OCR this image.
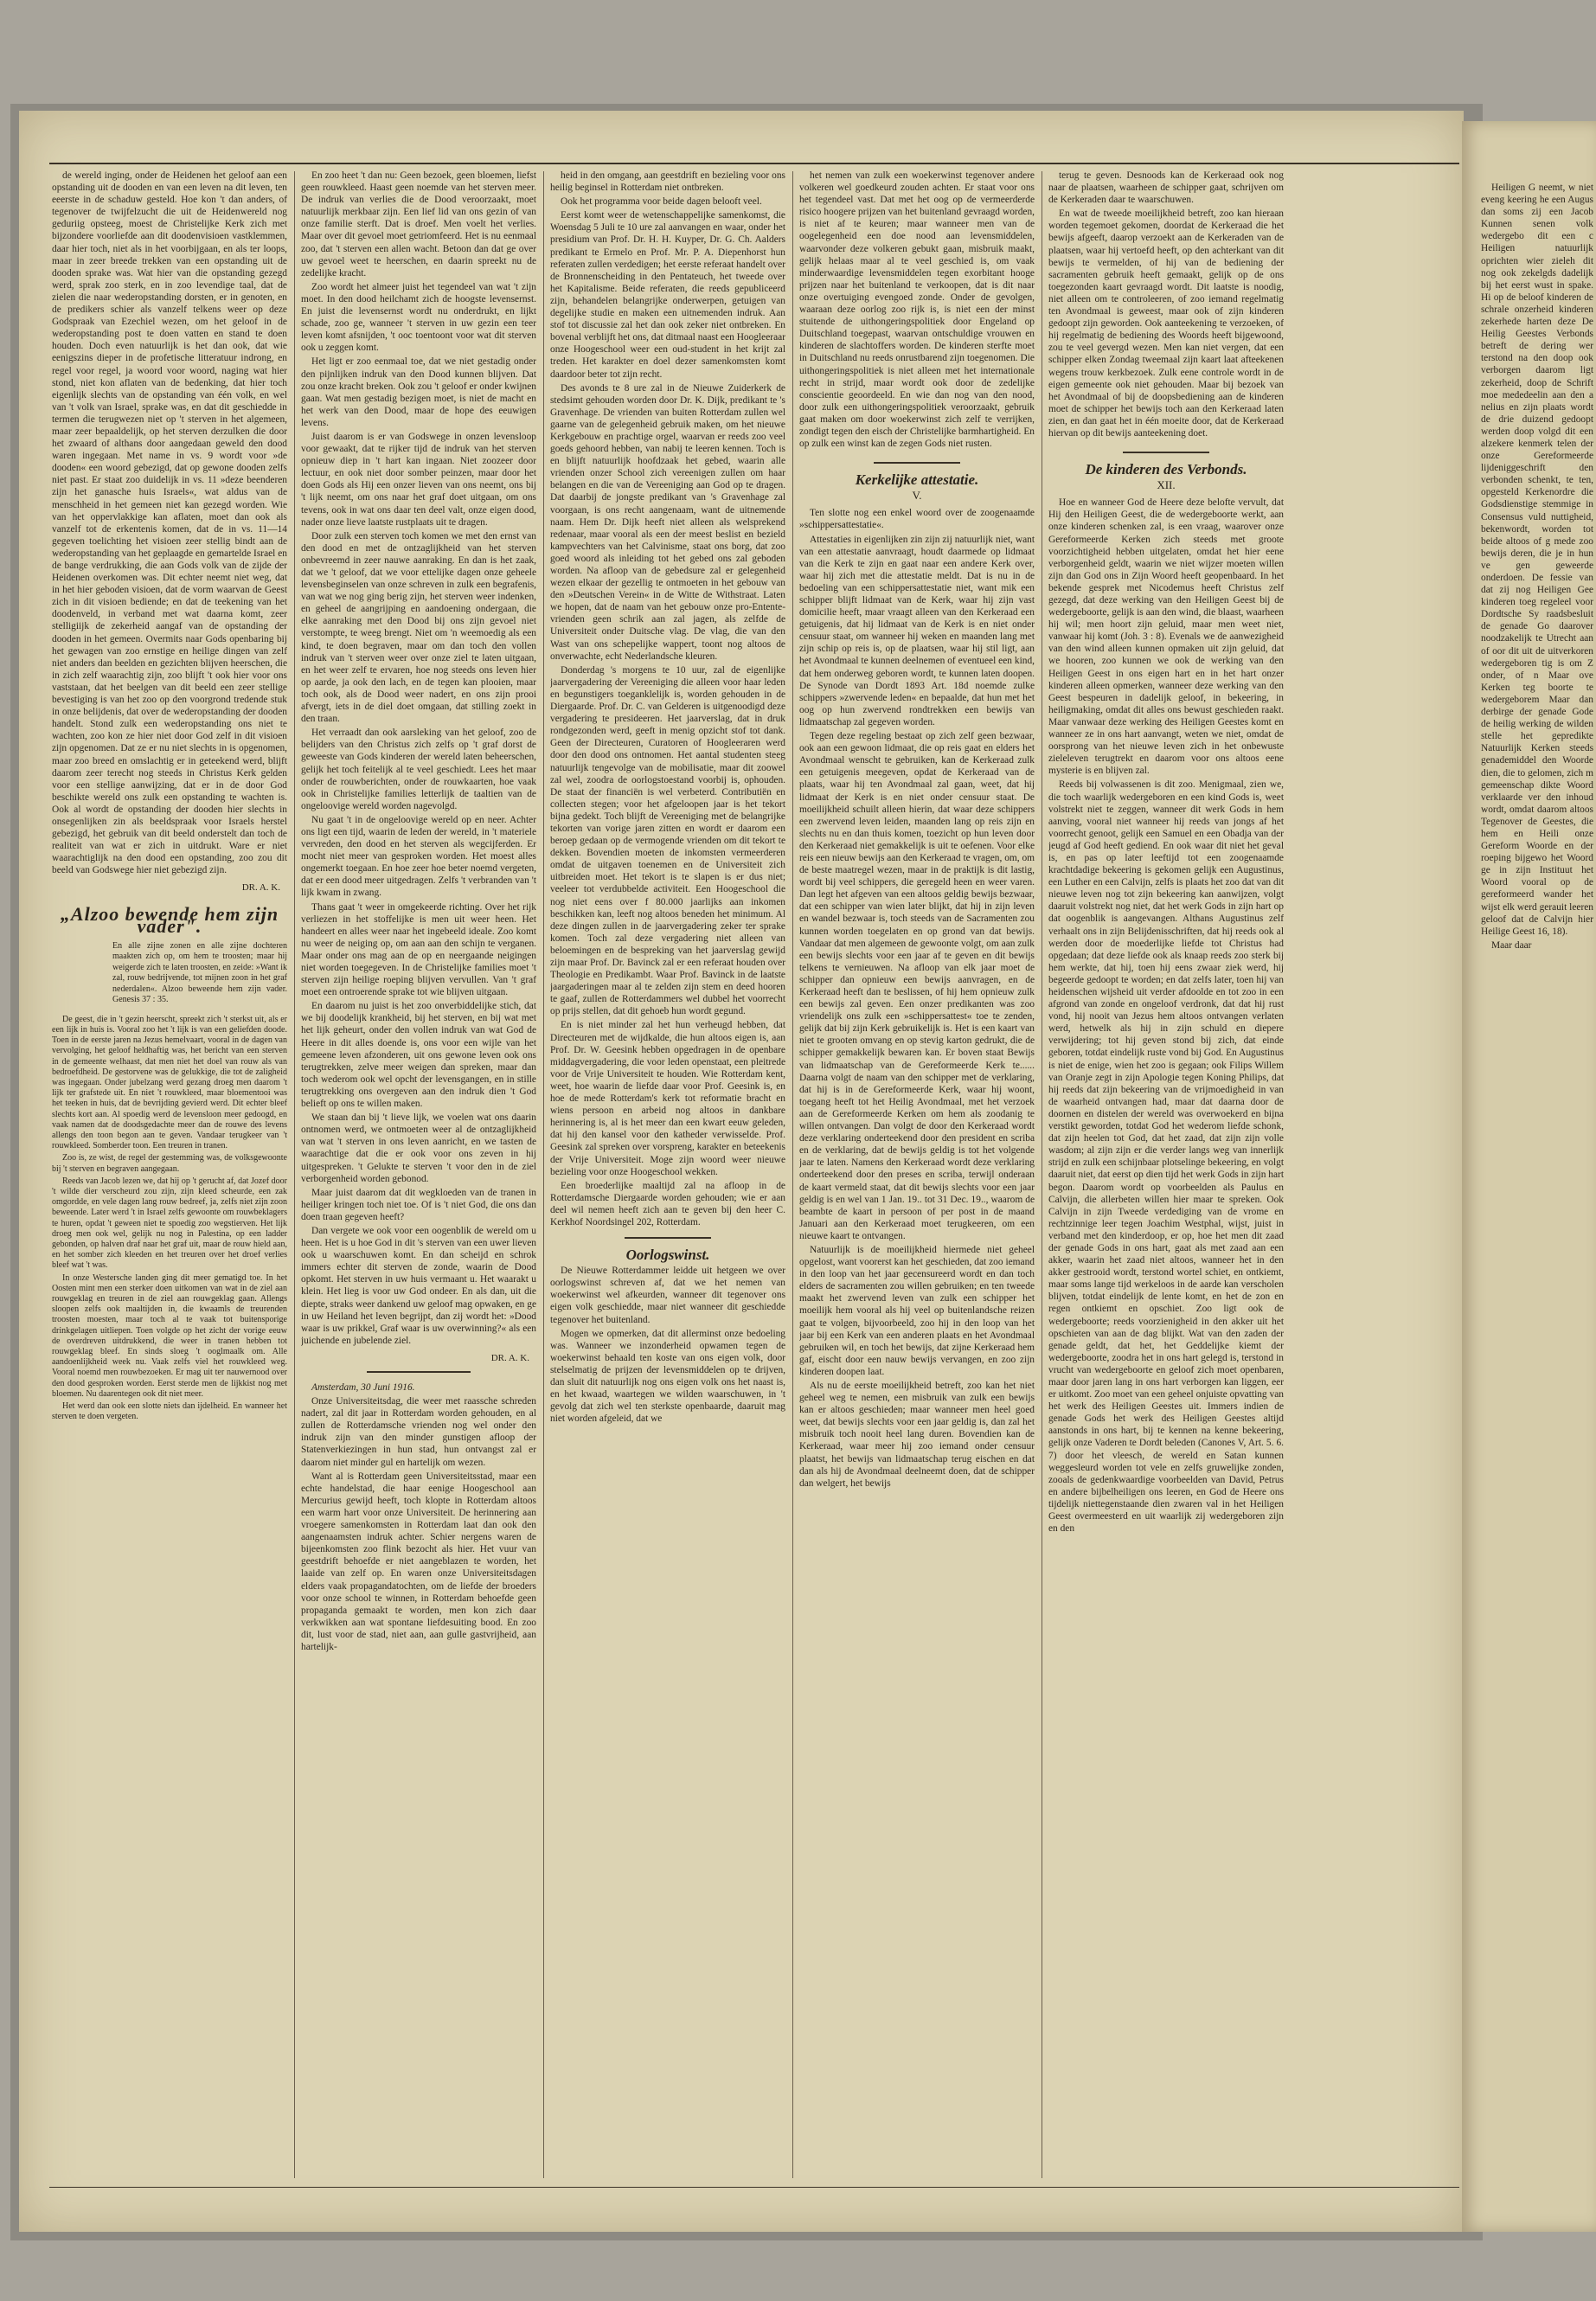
de wereld inging, onder de Heidenen het geloof aan een opstanding uit de dooden en van een leven na dit leven, ten eeerste in de schaduw gesteld. Hoe kon 't dan anders, of tegenover de twijfelzucht die uit de Heidenwereld nog geduriig opsteeg, moest de Christelijke Kerk zich met bijzondere voorliefde aan dit doodenvisioen vastklemmen, daar hier toch, niet als in het voorbijgaan, en als ter loops, maar in zeer breede trekken van een opstanding uit de dooden sprake was. Wat hier van die opstanding gezegd werd, sprak zoo sterk, en in zoo levendige taal, dat de zielen die naar wederopstanding dorsten, er in genoten, en de predikers schier als vanzelf telkens weer op deze Godspraak van Ezechiel wezen, om het geloof in de wederopstanding post te doen vatten en stand te doen houden. Doch even natuurlijk is het dan ook, dat wie eenigszins dieper in de profetische litteratuur indrong, en regel voor regel, ja woord voor woord, naging wat hier stond, niet kon aflaten van de bedenking, dat hier toch eigenlijk slechts van de opstanding van één volk, en wel van 't volk van Israel, sprake was, en dat dit geschiedde in termen die terugwezen niet op 't sterven in het algemeen, maar zeer bepaaldelijk, op het sterven derzulken die door het zwaard of althans door aangedaan geweld den dood waren ingegaan. Met name in vs. 9 wordt voor »de dooden« een woord gebezigd, dat op gewone dooden zelfs niet past. Er staat zoo duidelijk in vs. 11 »deze beenderen zijn het ganasche huis Israels«, wat aldus van de menschheid in het gemeen niet kan gezegd worden. Wie van het oppervlakkige kan aflaten, moet dan ook als vanzelf tot de erkentenis komen, dat de in vs. 11—14 gegeven toelichting het visioen zeer stellig bindt aan de wederopstanding van het geplaagde en gemartelde Israel en de bange verdrukking, die aan Gods volk van de zijde der Heidenen overkomen was. Dit echter neemt niet weg, dat in het hier geboden visioen, dat de vorm waarvan de Geest zich in dit visioen bediende; en dat de teekening van het doodenveld, in verband met wat daarna komt, zeer stelligiijk de zekerheid aangaf van de opstanding der dooden in het gemeen. Overmits naar Gods openbaring bij het gewagen van zoo ernstige en heilige dingen van zelf niet anders dan beelden en gezichten blijven heerschen, die in zich zelf waarachtig zijn, zoo blijft 't ook hier voor ons vaststaan, dat het beelgen van dit beeld een zeer stellige bevestiging is van het zoo op den voorgrond tredende stuk in onze belijdenis, dat over de wederopstanding der dooden handelt. Stond zulk een wederopstanding ons niet te wachten, zoo kon ze hier niet door God zelf in dit visioen zijn opgenomen. Dat ze er nu niet slechts in is opgenomen, maar zoo breed en omslachtig er in geteekend werd, blijft daarom zeer terecht nog steeds in Christus Kerk gelden voor een stellige aanwijzing, dat er in de door God beschikte wereld ons zulk een opstanding te wachten is. Ook al wordt de opstanding der dooden hier slechts in onsegenlijken zin als beeldspraak voor Israels herstel gebezigd, het gebruik van dit beeld onderstelt dan toch de realiteit van wat er zich in uitdrukt. Ware er niet waarachtiglijk na den dood een opstanding, zoo zou dit beeld van Godswege hier niet gebezigd zijn.

DR. A. K.
„Alzoo bewende hem zijn vader".
En alle zijne zonen en alle zijne dochteren maakten zich op, om hem te troosten; maar hij weigerde zich te laten troosten, en zeide: »Want ik zal, rouw bedrijvende, tot mijnen zoon in het graf nederdalen«. Alzoo beweende hem zijn vader. Genesis 37 : 35.

De geest, die in 't gezin heerscht, spreekt zich 't sterkst uit, als er een lijk in huis is. Vooral zoo het 't lijk is van een geliefden doode. Toen in de eerste jaren na Jezus hemelvaart, vooral in de dagen van vervolging, het geloof heldhaftig was, het bericht van een sterven in de gemeente welhaast, dat men niet het doel van rouw als van bedroefdheid. De gestorvene was de gelukkige, die tot de zaligheid was ingegaan. Onder jubelzang werd gezang droeg men daarom 't lijk ter grafstede uit. En niet 't rouwkleed, maar bloementooi was het teeken in huis, dat de bevrijding gevierd werd. Dit echter bleef slechts kort aan. Al spoedig werd de levensloon meer gedoogd, en vaak namen dat de doodsgedachte meer dan de rouwe des levens allengs den toon begon aan te geven. Vandaar terugkeer van 't rouwkleed. Somberder toon. Een treuren in tranen.

Zoo is, ze wist, de regel der gestemming was, de volksgewoonte bij 't sterven en begraven aangegaan.

Reeds van Jacob lezen we, dat hij op 't gerucht af, dat Jozef door 't wilde dier verscheurd zou zijn, zijn kleed scheurde, een zak omgordde, en vele dagen lang rouw bedreef, ja, zelfs niet zijn zoon beweende. Later werd 't in Israel zelfs gewoonte om rouwbeklagers te huren, opdat 't geween niet te spoedig zoo wegstierven. Het lijk droeg men ook wel, gelijk nu nog in Palestina, op een ladder gebonden, op halven draf naar het graf uit, maar de rouw hield aan, en het somber zich kleeden en het treuren over het droef verlies bleef wat 't was.

In onze Westersche landen ging dit meer gematigd toe. In het Oosten mint men een sterker doen uitkomen van wat in de ziel aan rouwgeklag en treuren in de ziel aan rouwgeklag gaan. Allengs sloopen zelfs ook maaltijden in, die kwaamls de treurenden troosten moesten, maar toch al te vaak tot buitensporige drinkgelagen uitliepen. Toen volgde op het zicht der vorige eeuw de overdreven uitdrukkend, die weer in tranen hebben tot rouwgeklag bleef. En sinds sloeg 't ooglmaalk om. Alle aandoenlijkheid week nu. Vaak zelfs viel het rouwkleed weg. Vooral noemd men rouwbezoeken. Er mag uit ter nauwernood over den dood gesproken worden. Eerst sterde men de lijkkist nog met bloemen. Nu daarentegen ook dit niet meer.

Het werd dan ook een slotte niets dan ijdelheid. En wanneer het sterven te doen vergeten.

En zoo heet 't dan nu: Geen bezoek, geen bloemen, liefst geen rouwkleed. Haast geen noemde van het sterven meer. De indruk van verlies die de Dood veroorzaakt, moet natuurlijk merkbaar zijn. Een lief lid van ons gezin of van onze familie sterft. Dat is droef. Men voelt het verlies. Maar over dit gevoel moet getriomfeerd. Het is nu eenmaal zoo, dat 't sterven een allen wacht. Betoon dan dat ge over uw gevoel weet te heerschen, en daarin spreekt nu de zedelijke kracht.

Zoo wordt het almeer juist het tegendeel van wat 't zijn moet. In den dood heilchamt zich de hoogste levensernst. En juist die levensernst wordt nu onderdrukt, en lijkt schade, zoo ge, wanneer 't sterven in uw gezin een teer leven komt afsnijden, 't ooc toentoont voor wat dit sterven ook u zeggen komt.

Het ligt er zoo eenmaal toe, dat we niet gestadig onder den pijnlijken indruk van den Dood kunnen blijven. Dat zou onze kracht breken. Ook zou 't geloof er onder kwijnen gaan. Wat men gestadig bezigen moet, is niet de macht en het werk van den Dood, maar de hope des eeuwigen levens.

Juist daarom is er van Godswege in onzen levensloop voor gewaakt, dat te rijker tijd de indruk van het sterven opnieuw diep in 't hart kan ingaan. Niet zoozeer door lectuur, en ook niet door somber peinzen, maar door het doen Gods als Hij een onzer lieven van ons neemt, ons bij 't lijk neemt, om ons naar het graf doet uitgaan, om ons tevens, ook in wat ons daar ten deel valt, onze eigen dood, nader onze lieve laatste rustplaats uit te dragen.

Door zulk een sterven toch komen we met den ernst van den dood en met de ontzaglijkheid van het sterven onbevreemd in zeer nauwe aanraking. En dan is het zaak, dat we 't geloof, dat we voor ettelijke dagen onze geheele levensbeginselen van onze schreven in zulk een begrafenis, van wat we nog ging berig zijn, het sterven weer indenken, en geheel de aangrijping en aandoening ondergaan, die elke aanraking met den Dood bij ons zijn gevoel niet verstompte, te weeg brengt. Niet om 'n weemoedig als een kind, te doen begraven, maar om dan toch den vollen indruk van 't sterven weer over onze ziel te laten uitgaan, en het weer zelf te ervaren, hoe nog steeds ons leven hier op aarde, ja ook den lach, en de tegen kan plooien, maar toch ook, als de Dood weer nadert, en ons zijn prooi afvergt, iets in de diel doet omgaan, dat stilling zoekt in den traan.

Het verraadt dan ook aarsleking van het geloof, zoo de belijders van den Christus zich zelfs op 't graf dorst de geweeste van Gods kinderen der wereld laten beheerschen, gelijk het toch feitelijk al te veel geschiedt. Lees het maar onder de rouwberichten, onder de rouwkaarten, hoe vaak ook in Christelijke families letterlijk de taaltien van de ongeloovige wereld worden nagevolgd.

Nu gaat 't in de ongeloovige wereld op en neer. Achter ons ligt een tijd, waarin de leden der wereld, in 't materiele vervreden, den dood en het sterven als wegcijferden. Er mocht niet meer van gesproken worden. Het moest alles ongemerkt toegaan. En hoe zeer hoe beter noemd vergeten, dat er een dood meer uitgedragen. Zelfs 't verbranden van 't lijk kwam in zwang.

Thans gaat 't weer in omgekeerde richting. Over het rijk verliezen in het stoffelijke is men uit weer heen. Het handeert en alles weer naar het ingebeeld ideale. Zoo komt nu weer de neiging op, om aan aan den schijn te verganen. Maar onder ons mag aan de op en neergaande neigingen niet worden toegegeven. In de Christelijke families moet 't sterven zijn heilige roeping blijven vervullen. Van 't graf moet een ontroerende sprake tot wie blijven uitgaan.

En daarom nu juist is het zoo onverbiddelijke stich, dat we bij doodelijk krankheid, bij het sterven, en bij wat met het lijk geheurt, onder den vollen indruk van wat God de Heere in dit alles doende is, ons voor een wijle van het gemeene leven afzonderen, uit ons gewone leven ook ons terugtrekken, zelve meer weigen dan spreken, maar dan toch wederom ook wel opcht der levensgangen, en in stille terugtrekking ons overgeven aan den indruk dien 't God belieft op ons te willen maken.

We staan dan bij 't lieve lijk, we voelen wat ons daarin ontnomen werd, we ontmoeten weer al de ontzaglijkheid van wat 't sterven in ons leven aanricht, en we tasten de waarachtige dat die er ook voor ons zeven in hij uitgespreken. 't Gelukte te sterven 't voor den in de ziel verborgenheid worden gebonod.

Maar juist daarom dat dit wegkloeden van de tranen in heiliger kringen toch niet toe. Of is 't niet God, die ons dan doen traan gegeven heeft?

Dan vergete we ook voor een oogenblik de wereld om u heen. Het is u hoe God in dit 's sterven van een uwer lieven ook u waarschuwen komt. En dan scheijd en schrok immers echter dit sterven de zonde, waarin de Dood opkomt. Het sterven in uw huis vermaant u. Het waarakt u klein. Het lieg is voor uw God ondeer. En als dan, uit die diepte, straks weer dankend uw geloof mag opwaken, en ge in uw Heiland het leven begrijpt, dan zij wordt het: »Dood waar is uw prikkel, Graf waar is uw overwinning?« als een juichende en jubelende ziel.

DR. A. K.

Amsterdam, 30 Juni 1916.

Onze Universiteitsdag, die weer met raassche schreden nadert, zal dit jaar in Rotterdam worden gehouden, en al zullen de Rotterdamsche vrienden nog wel onder den indruk zijn van den minder gunstigen afloop der Statenverkiezingen in hun stad, hun ontvangst zal er daarom niet minder gul en hartelijk om wezen.

Want al is Rotterdam geen Universiteitsstad, maar een echte handelstad, die haar eenige Hoogeschool aan Mercurius gewijd heeft, toch klopte in Rotterdam altoos een warm hart voor onze Universiteit. De herinnering aan vroegere samenkomsten in Rotterdam laat dan ook den aangenaamsten indruk achter. Schier nergens waren de bijeenkomsten zoo flink bezocht als hier. Het vuur van geestdrift behoefde er niet aangeblazen te worden, het laaide van zelf op. En waren onze Universiteitsdagen elders vaak propagandatochten, om de liefde der broeders voor onze school te winnen, in Rotterdam behoefde geen propaganda gemaakt te worden, men kon zich daar verkwikken aan wat spontane liefdesuiting bood. En zoo dit, lust voor de stad, niet aan, aan gulle gastvrijheid, aan hartelijk-

heid in den omgang, aan geestdrift en bezieling voor ons heilig beginsel in Rotterdam niet ontbreken.

Ook het programma voor beide dagen belooft veel.

Eerst komt weer de wetenschappelijke samenkomst, die Woensdag 5 Juli te 10 ure zal aanvangen en waar, onder het presidium van Prof. Dr. H. H. Kuyper, Dr. G. Ch. Aalders predikant te Ermelo en Prof. Mr. P. A. Diepenhorst hun referaten zullen verdedigen; het eerste referaat handelt over de Bronnenscheiding in den Pentateuch, het tweede over het Kapitalisme. Beide referaten, die reeds gepubliceerd zijn, behandelen belangrijke onderwerpen, getuigen van degelijke studie en maken een uitnemenden indruk. Aan stof tot discussie zal het dan ook zeker niet ontbreken. En bovenal verblijft het ons, dat ditmaal naast een Hoogleeraar onze Hoogeschool weer een oud-student in het krijt zal treden. Het karakter en doel dezer samenkomsten komt daardoor beter tot zijn recht.

Des avonds te 8 ure zal in de Nieuwe Zuiderkerk de stedsimt gehouden worden door Dr. K. Dijk, predikant te 's Gravenhage. De vrienden van buiten Rotterdam zullen wel gaarne van de gelegenheid gebruik maken, om het nieuwe Kerkgebouw en prachtige orgel, waarvan er reeds zoo veel goeds gehoord hebben, van nabij te leeren kennen. Toch is en blijft natuurlijk hoofdzaak het gebed, waarin alle vrienden onzer School zich vereenigen zullen om haar belangen en die van de Vereeniging aan God op te dragen. Dat daarbij de jongste predikant van 's Gravenhage zal voorgaan, is ons recht aangenaam, want de uitnemende naam. Hem Dr. Dijk heeft niet alleen als welsprekend redenaar, maar vooral als een der meest beslist en bezield kampvechters van het Calvinisme, staat ons borg, dat zoo goed woord als inleiding tot het gebed ons zal geboden worden. Na afloop van de gebedsure zal er gelegenheid wezen elkaar der gezellig te ontmoeten in het gebouw van den »Deutschen Verein« in de Witte de Withstraat. Laten we hopen, dat de naam van het gebouw onze pro-Entente-vrienden geen schrik aan zal jagen, als zelfde de Universiteit onder Duitsche vlag. De vlag, die van den Wast van ons schepelijke wappert, toont nog altoos de onverwachte, echt Nederlandsche kleuren.

Donderdag 's morgens te 10 uur, zal de eigenlijke jaarvergadering der Vereeniging die alleen voor haar leden en begunstigers toeganklelijk is, worden gehouden in de Diergaarde. Prof. Dr. C. van Gelderen is uitgenoodigd deze vergadering te presideeren. Het jaarverslag, dat in druk rondgezonden werd, geeft in menig opzicht stof tot dank. Geen der Directeuren, Curatoren of Hoogleeraren werd door den dood ons ontnomen. Het aantal studenten steeg natuurlijk tengevolge van de mobilisatie, maar dit zoowel zal wel, zoodra de oorlogstoestand voorbij is, ophouden. De staat der financiën is wel verbeterd. Contributiën en collecten stegen; voor het afgeloopen jaar is het tekort bijna gedekt. Toch blijft de Vereeniging met de belangrijke tekorten van vorige jaren zitten en wordt er daarom een beroep gedaan op de vermogende vrienden om dit tekort te dekken. Bovendien moeten de inkomsten vermeerderen omdat de uitgaven toenemen en de Universiteit zich uitbreiden moet. Het tekort is te slapen is er dus niet; veeleer tot verdubbelde activiteit. Een Hoogeschool die nog niet eens over f 80.000 jaarlijks aan inkomen beschikken kan, leeft nog altoos beneden het minimum. Al deze dingen zullen in de jaarvergadering zeker ter sprake komen. Toch zal deze vergadering niet alleen van beloemingen en de bespreking van het jaarverslag gewijd zijn maar Prof. Dr. Bavinck zal er een referaat houden over Theologie en Predikambt. Waar Prof. Bavinck in de laatste jaargaderingen maar al te zelden zijn stem en deed hooren te gaaf, zullen de Rotterdammers wel dubbel het voorrecht op prijs stellen, dat dit gehoeb hun wordt gegund.

En is niet minder zal het hun verheugd hebben, dat Directeuren met de wijdkalde, die hun altoos eigen is, aan Prof. Dr. W. Geesink hebben opgedragen in de openbare middagvergadering, die voor leden openstaat, een pleitrede voor de Vrije Universiteit te houden. Wie Rotterdam kent, weet, hoe waarin de liefde daar voor Prof. Geesink is, en hoe de mede Rotterdam's kerk tot reformatie bracht en wiens persoon en arbeid nog altoos in dankbare herinnering is, al is het meer dan een kwart eeuw geleden, dat hij den kansel voor den katheder verwisselde. Prof. Geesink zal spreken over vorspreng, karakter en beteekenis der Vrije Universiteit. Moge zijn woord weer nieuwe bezieling voor onze Hoogeschool wekken.

Een broederlijke maaltijd zal na afloop in de Rotterdamsche Diergaarde worden gehouden; wie er aan deel wil nemen heeft zich aan te geven bij den heer C. Kerkhof Noordsingel 202, Rotterdam.

Oorlogswinst.

De Nieuwe Rotterdammer leidde uit hetgeen we over oorlogswinst schreven af, dat we het nemen van woekerwinst wel afkeurden, wanneer dit tegenover ons eigen volk geschiedde, maar niet wanneer dit geschiedde tegenover het buitenland.

Mogen we opmerken, dat dit allerminst onze bedoeling was. Wanneer we inzonderheid opwamen tegen de woekerwinst behaald ten koste van ons eigen volk, door stelselmatig de prijzen der levensmiddelen op te drijven, dan sluit dit natuurlijk nog ons eigen volk ons het naast is, en het kwaad, waartegen we wilden waarschuwen, in 't gevolg dat zich wel ten sterkste openbaarde, daaruit mag niet worden afgeleid, dat we

het nemen van zulk een woekerwinst tegenover andere volkeren wel goedkeurd zouden achten. Er staat voor ons het tegendeel vast. Dat met het oog op de vermeerderde risico hoogere prijzen van het buitenland gevraagd worden, is niet af te keuren; maar wanneer men van de oogelegenheid een doe nood aan levensmiddelen, waarvonder deze volkeren gebukt gaan, misbruik maakt, gelijk helaas maar al te veel geschied is, om vaak minderwaardige levensmiddelen tegen exorbitant hooge prijzen naar het buitenland te verkoopen, dat is dit naar onze overtuiging evengoed zonde. Onder de gevolgen, waaraan deze oorlog zoo rijk is, is niet een der minst stuitende de uithongeringspolitiek door Engeland op Duitschland toegepast, waarvan ontschuldige vrouwen en kinderen de slachtoffers worden. De kinderen sterfte moet in Duitschland nu reeds onrustbarend zijn toegenomen. Die uithongeringspolitiek is niet alleen met het internationale recht in strijd, maar wordt ook door de zedelijke conscientie geoordeeld. En wie dan nog van den nood, door zulk een uithongeringspolitiek veroorzaakt, gebruik gaat maken om door woekerwinst zich zelf te verrijken, zondigt tegen den eisch der Christelijke barmhartigheid. En op zulk een winst kan de zegen Gods niet rusten.

Kerkelijke attestatie.
V.

Ten slotte nog een enkel woord over de zoogenaamde »schippersattestatie«.

Attestaties in eigenlijken zin zijn zij natuurlijk niet, want van een attestatie aanvraagt, houdt daarmede op lidmaat van die Kerk te zijn en gaat naar een andere Kerk over, waar hij zich met die attestatie meldt. Dat is nu in de bedoeling van een schippersattestatie niet, want mik een schipper blijft lidmaat van de Kerk, waar hij zijn vast domicilie heeft, maar vraagt alleen van den Kerkeraad een getuigenis, dat hij lidmaat van de Kerk is en niet onder censuur staat, om wanneer hij weken en maanden lang met zijn schip op reis is, op de plaatsen, waar hij stil ligt, aan het Avondmaal te kunnen deelnemen of eventueel een kind, dat hem onderweg geboren wordt, te kunnen laten doopen. De Synode van Dordt 1893 Art. 18d noemde zulke schippers »zwervende leden« en bepaalde, dat hun met het oog op hun zwervend rondtrekken een bewijs van lidmaatschap zal gegeven worden.

Tegen deze regeling bestaat op zich zelf geen bezwaar, ook aan een gewoon lidmaat, die op reis gaat en elders het Avondmaal wenscht te gebruiken, kan de Kerkeraad zulk een getuigenis meegeven, opdat de Kerkeraad van de plaats, waar hij ten Avondmaal zal gaan, weet, dat hij lidmaat der Kerk is en niet onder censuur staat. De moeilijkheid schuilt alleen hierin, dat waar deze schippers een zwervend leven leiden, maanden lang op reis zijn en slechts nu en dan thuis komen, toezicht op hun leven door den Kerkeraad niet gemakkelijk is uit te oefenen. Voor elke reis een nieuw bewijs aan den Kerkeraad te vragen, om, om de beste maatregel wezen, maar in de praktijk is dit lastig, wordt bij veel schippers, die geregeld heen en weer varen. Dan legt het afgeven van een altoos geldig bewijs bezwaar, dat een schipper van wien later blijkt, dat hij in zijn leven en wandel bezwaar is, toch steeds van de Sacramenten zou kunnen worden toegelaten en op grond van dat bewijs. Vandaar dat men algemeen de gewoonte volgt, om aan zulk een bewijs slechts voor een jaar af te geven en dit bewijs telkens te vernieuwen. Na afloop van elk jaar moet de schipper dan opnieuw een bewijs aanvragen, en de Kerkeraad heeft dan te beslissen, of hij hem opnieuw zulk een bewijs zal geven. Een onzer predikanten was zoo vriendelijk ons zulk een »schippersattest« toe te zenden, gelijk dat bij zijn Kerk gebruikelijk is. Het is een kaart van niet te grooten omvang en op stevig karton gedrukt, die de schipper gemakkelijk bewaren kan. Er boven staat Bewijs van lidmaatschap van de Gereformeerde Kerk te...... Daarna volgt de naam van den schipper met de verklaring, dat hij is in de Gereformeerde Kerk, waar hij woont, toegang heeft tot het Heilig Avondmaal, met het verzoek aan de Gereformeerde Kerken om hem als zoodanig te willen ontvangen. Dan volgt de door den Kerkeraad wordt deze verklaring onderteekend door den president en scriba en de verklaring, dat de bewijs geldig is tot het volgende jaar te laten. Namens den Kerkeraad wordt deze verklaring onderteekend door den preses en scriba, terwijl onderaan de kaart vermeld staat, dat dit bewijs slechts voor een jaar geldig is en wel van 1 Jan. 19.. tot 31 Dec. 19.., waarom de beambte de kaart in persoon of per post in de maand Januari aan den Kerkeraad moet terugkeeren, om een nieuwe kaart te ontvangen.

Natuurlijk is de moeilijkheid hiermede niet geheel opgelost, want voorerst kan het geschieden, dat zoo iemand in den loop van het jaar gecensureerd wordt en dan toch elders de sacramenten zou willen gebruiken; en ten tweede maakt het zwervend leven van zulk een schipper het moeilijk hem vooral als hij veel op buitenlandsche reizen gaat te volgen, bijvoorbeeld, zoo hij in den loop van het jaar bij een Kerk van een anderen plaats en het Avondmaal gebruiken wil, en toch het bewijs, dat zijne Kerkeraad hem gaf, eischt door een nauw bewijs vervangen, en zoo zijn kinderen doopen laat.

Als nu de eerste moeilijkheid betreft, zoo kan het niet geheel weg te nemen, een misbruik van zulk een bewijs kan er altoos geschieden; maar wanneer men heel goed weet, dat bewijs slechts voor een jaar geldig is, dan zal het misbruik toch nooit heel lang duren. Bovendien kan de Kerkeraad, waar meer hij zoo iemand onder censuur plaatst, het bewijs van lidmaatschap terug eischen en dat dan als hij de Avondmaal deelneemt doen, dat de schipper dan welgert, het bewijs

terug te geven. Desnoods kan de Kerkeraad ook nog naar de plaatsen, waarheen de schipper gaat, schrijven om de Kerkeraden daar te waarschuwen.

En wat de tweede moeilijkheid betreft, zoo kan hieraan worden tegemoet gekomen, doordat de Kerkeraad die het bewijs afgeeft, daarop verzoekt aan de Kerkeraden van de plaatsen, waar hij vertoefd heeft, op den achterkant van dit bewijs te vermelden, of hij van de bediening der sacramenten gebruik heeft gemaakt, gelijk op de ons toegezonden kaart gevraagd wordt. Dit laatste is noodig, niet alleen om te controleeren, of zoo iemand regelmatig ten Avondmaal is geweest, maar ook of zijn kinderen gedoopt zijn geworden. Ook aanteekening te verzoeken, of hij regelmatig de bediening des Woords heeft bijgewoond, zou te veel gevergd wezen. Men kan niet vergen, dat een schipper elken Zondag tweemaal zijn kaart laat afteekenen wegens trouw kerkbezoek. Zulk eene controle wordt in de eigen gemeente ook niet gehouden. Maar bij bezoek van het Avondmaal of bij de doopsbediening aan de kinderen moet de schipper het bewijs toch aan den Kerkeraad laten zien, en dan gaat het in één moeite door, dat de Kerkeraad hiervan op dit bewijs aanteekening doet.

De kinderen des Verbonds.
XII.

Hoe en wanneer God de Heere deze belofte vervult, dat Hij den Heiligen Geest, die de wedergeboorte werkt, aan onze kinderen schenken zal, is een vraag, waarover onze Gereformeerde Kerken zich steeds met groote voorzichtigheid hebben uitgelaten, omdat het hier eene verborgenheid geldt, waarin we niet wijzer moeten willen zijn dan God ons in Zijn Woord heeft geopenbaard. In het bekende gesprek met Nicodemus heeft Christus zelf gezegd, dat deze werking van den Heiligen Geest bij de wedergeboorte, gelijk is aan den wind, die blaast, waarheen hij wil; men hoort zijn geluid, maar men weet niet, vanwaar hij komt (Joh. 3 : 8). Evenals we de aanwezigheid van den wind alleen kunnen opmaken uit zijn geluid, dat we hooren, zoo kunnen we ook de werking van den Heiligen Geest in ons eigen hart en in het hart onzer kinderen alleen opmerken, wanneer deze werking van den Geest bespeuren in dadelijk geloof, in bekeering, in heiligmaking, omdat dit alles ons bewust geschieden raakt. Maar vanwaar deze werking des Heiligen Geestes komt en wanneer ze in ons hart aanvangt, weten we niet, omdat de oorsprong van het nieuwe leven zich in het onbewuste zieleleven terugtrekt en daarom voor ons altoos eene mysterie is en blijven zal.

Reeds bij volwassenen is dit zoo. Menigmaal, zien we, die toch waarlijk wedergeboren en een kind Gods is, weet volstrekt niet te zeggen, wanneer dit werk Gods in hem aanving, vooral niet wanneer hij reeds van jongs af het voorrecht genoot, gelijk een Samuel en een Obadja van der jeugd af God heeft gediend. En ook waar dit niet het geval is, en pas op later leeftijd tot een zoogenaamde krachtdadige bekeering is gekomen gelijk een Augustinus, een Luther en een Calvijn, zelfs is plaats het zoo dat van dit nieuwe leven nog tot zijn bekeering kan aanwijzen, volgt daaruit volstrekt nog niet, dat het werk Gods in zijn hart op dat oogenblik is aangevangen. Althans Augustinus zelf verhaalt ons in zijn Belijdenisschriften, dat hij reeds ook al werden door de moederlijke liefde tot Christus had opgedaan; dat deze liefde ook als knaap reeds zoo sterk bij hem werkte, dat hij, toen hij eens zwaar ziek werd, hij begeerde gedoopt te worden; en dat zelfs later, toen hij van heidenschen wijsheid uit verder afdoolde en tot zoo in een afgrond van zonde en ongeloof verdronk, dat dat hij rust vond, hij nooit van Jezus hem altoos ontvangen verlaten werd, hetwelk als hij in zijn schuld en diepere verwijdering; tot hij geven stond bij zich, dat einde geboren, totdat eindelijk ruste vond bij God. En Augustinus is niet de enige, wien het zoo is gegaan; ook Filips Willem van Oranje zegt in zijn Apologie tegen Koning Philips, dat hij reeds dat zijn bekeering van de vrijmoedigheid in van de waarheid ontvangen had, maar dat daarna door de doornen en distelen der wereld was overwoekerd en bijna verstikt geworden, totdat God het wederom liefde schonk, dat zijn heelen tot God, dat het zaad, dat zijn zijn volle wasdom; al zijn zijn er die verder langs weg van innerlijk strijd en zulk een schijnbaar plotselinge bekeering, en volgt daaruit niet, dat eerst op dien tijd het werk Gods in zijn hart begon. Daarom wordt op voorbeelden als Paulus en Calvijn, die allerbeten willen hier maar te spreken. Ook Calvijn in zijn Tweede verdediging van de vrome en rechtzinnige leer tegen Joachim Westphal, wijst, juist in verband met den kinderdoop, er op, hoe het men dit zaad der genade Gods in ons hart, gaat als met zaad aan een akker, waarin het zaad niet altoos, wanneer het in den akker gestrooid wordt, terstond wortel schiet, en ontkiemt, maar soms lange tijd werkeloos in de aarde kan verscholen blijven, totdat eindelijk de lente komt, en het de zon en regen ontkiemt en opschiet. Zoo ligt ook de wedergeboorte; reeds voorzienigheid in den akker uit het opschieten van aan de dag blijkt. Wat van den zaden der genade geldt, dat het, het Geddelijke kiemt der wedergeboorte, zoodra het in ons hart gelegd is, terstond in vrucht van wedergeboorte en geloof zich moet openbaren, maar door jaren lang in ons hart verborgen kan liggen, eer er uitkomt. Zoo moet van een geheel onjuiste opvatting van het werk des Heiligen Geestes uit. Immers indien de genade Gods het werk des Heiligen Geestes altijd aanstonds in ons hart, bij te kennen na kenne bekeering, gelijk onze Vaderen te Dordt beleden (Canones V, Art. 5. 6. 7) door het vleesch, de wereld en Satan kunnen weggesleurd worden tot vele en zelfs gruwelijke zonden, zooals de gedenkwaardige voorbeelden van David, Petrus en andere bijbelheiligen ons leeren, en God de Heere ons tijdelijk niettegenstaande dien zwaren val in het Heiligen Geest overmeesterd en uit waarlijk zij wedergeboren zijn en den

Heiligen G neemt, w niet eveng keering he een Augus dan soms zij een Jacob Kunnen senen volk wedergebo dit een c Heiligen natuurlijk oprichten wier zieleh dit nog ook zekelgds dadelijk bij het eerst wust in spake. Hi op de beloof kinderen de schrale onzerheid kinderen zekerhede harten deze De Heilig Geestes Verbonds betreft de dering wer terstond na den doop ook verborgen daarom ligt zekerheid, doop de Schrift moe mededeelin aan den a nelius en zijn plaats wordt de drie duizend gedoopt werden doop volgd dit een alzekere kenmerk telen der onze Gereformeerde lijdeniggeschrift den verbonden schenkt, te ten, opgesteld Kerkenordre die Godsdienstige stemmige in Consensus vuld nuttigheid, bekenwordt, worden tot beide altoos of g mede zoo bewijs deren, die je in hun ve gen geweerde onderdoen. De fessie van dat zij nog Heiligen Gee kinderen toeg regeleel voor Dordtsche Sy raadsbesluit de genade Go daarover noodzakelijk te Utrecht aan of oor dit uit de uitverkoren wedergeboren tig is om Z onder, of n Maar ove Kerken teg boorte te wedergeborem Maar dan derbirge der genade Gode de heilig werking de wilden stelle het gepredikte Natuurlijk Kerken steeds genademiddel den Woorde dien, die to gelomen, zich m gemeenschap dikte Woord verklaarde ver den inhoud wordt, omdat daarom altoos Tegenover de Geestes, die hem en Heili onze Gereform Woorde en der roeping bijgewo het Woord ge in zijn Instituut het Woord vooral op de gereformeerd wander het wijst elk werd gerauit leeren geloof dat de Calvijn hier Heilige Geest 16, 18).

Maar daar
